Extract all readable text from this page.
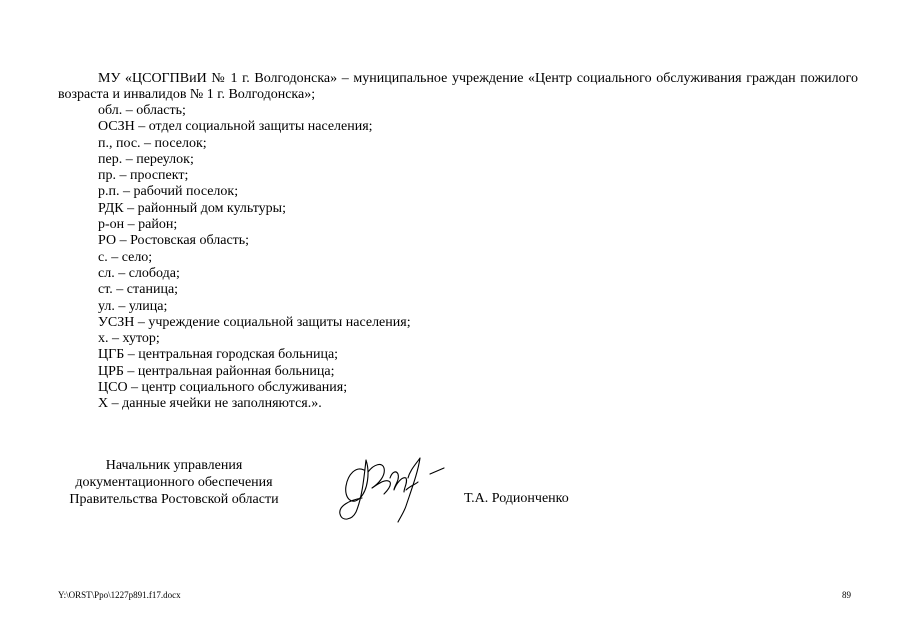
МУ «ЦСОГПВиИ № 1 г. Волгодонска» – муниципальное учреждение «Центр социального обслуживания граждан пожилого возраста и инвалидов № 1 г. Волгодонска»;

обл. – область;
ОСЗН – отдел социальной защиты населения;
п., пос. – поселок;
пер. – переулок;
пр. – проспект;
р.п. – рабочий поселок;
РДК – районный дом культуры;
р-он – район;
РО – Ростовская область;
с. – село;
сл. – слобода;
ст. – станица;
ул. – улица;
УСЗН – учреждение социальной защиты населения;
х. – хутор;
ЦГБ – центральная городская больница;
ЦРБ – центральная районная больница;
ЦСО – центр социального обслуживания;
Х – данные ячейки не заполняются.».
Начальник управления
документационного обеспечения
Правительства Ростовской области	Т.А. Родионченко
Y:\ORST\Ppo\1227p891.f17.docx	89
